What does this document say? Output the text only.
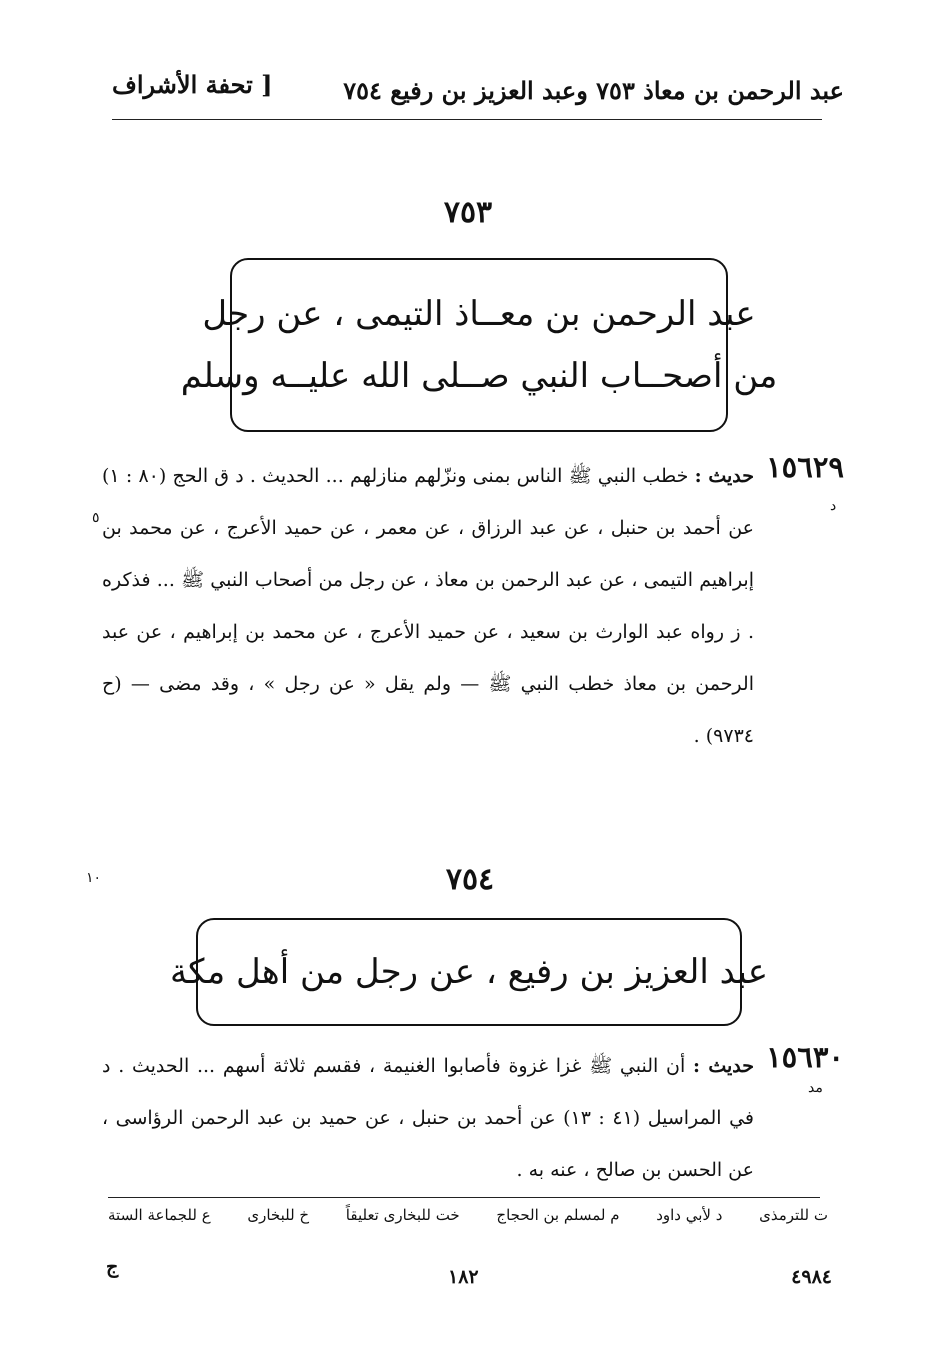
عبد الرحمن بن معاذ ٧٥٣ وعبد العزيز بن رفيع ٧٥٤
[ تحفة الأشراف
٧٥٣
عبد الرحمن بن معــاذ التيمى ، عن رجل
من أصحــاب النبي صــلى الله عليــه وسلم
١٥٦٢٩
حديث : خطب النبي ﷺ الناس بمنى ونزّلهم منازلهم ... الحديث . د ق الحج (٨٠ : ١) عن أحمد بن حنبل ، عن عبد الرزاق ، عن معمر ، عن حميد الأعرج ، عن محمد بن إبراهيم التيمى ، عن عبد الرحمن بن معاذ ، عن رجل من أصحاب النبي ﷺ ... فذكره . ز رواه عبد الوارث بن سعيد ، عن حميد الأعرج ، عن محمد بن إبراهيم ، عن عبد الرحمن بن معاذ خطب النبي ﷺ — ولم يقل « عن رجل » ، وقد مضى — (ح ٩٧٣٤) .
د
٥
١٠	٧٥٤
عبد العزيز بن رفيع ، عن رجل من أهل مكة
١٥٦٣٠
حديث : أن النبي ﷺ غزا غزوة فأصابوا الغنيمة ، فقسم ثلاثة أسهم ... الحديث . د في المراسيل (٤١ : ١٣) عن أحمد بن حنبل ، عن حميد بن عبد الرحمن الرؤاسى ، عن الحسن بن صالح ، عنه به .
مد
ع للجماعة الستة خ للبخارى خت للبخارى تعليقاً م لمسلم بن الحجاج د لأبي داود ت للترمذى
٤٩٨٤
١٨٢
ج
